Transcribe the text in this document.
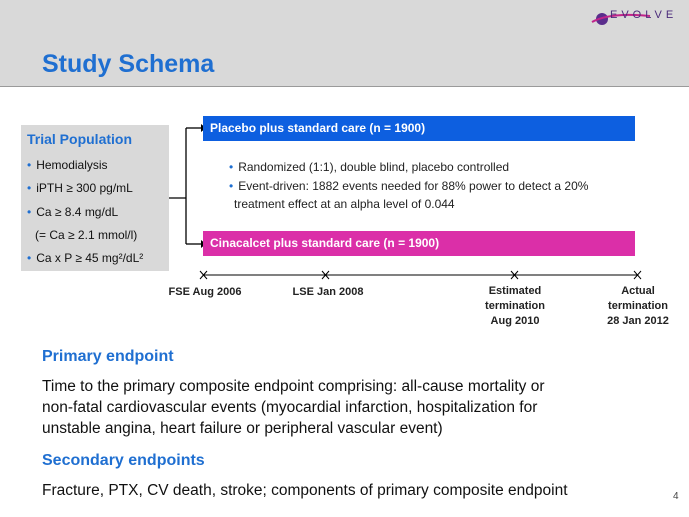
EVOLVE
Study Schema
Trial Population
• Hemodialysis
• iPTH ≥ 300 pg/mL
• Ca ≥ 8.4 mg/dL
(= Ca ≥ 2.1 mmol/l)
• Ca x P ≥ 45 mg²/dL²
Placebo plus standard care (n = 1900)
Cinacalcet plus standard care (n = 1900)
• Randomized (1:1), double blind, placebo controlled
• Event-driven: 1882 events needed for 88% power to detect a 20%
treatment effect at an alpha level of 0.044
FSE Aug 2006	LSE Jan 2008	Estimated
termination
Aug 2010
Actual
termination
28 Jan 2012
Primary endpoint
Time to the primary composite endpoint comprising: all-cause mortality or
non-fatal cardiovascular events (myocardial infarction, hospitalization for
unstable angina, heart failure or peripheral vascular event)
Secondary endpoints
Fracture, PTX, CV death, stroke; components of primary composite endpoint	4
